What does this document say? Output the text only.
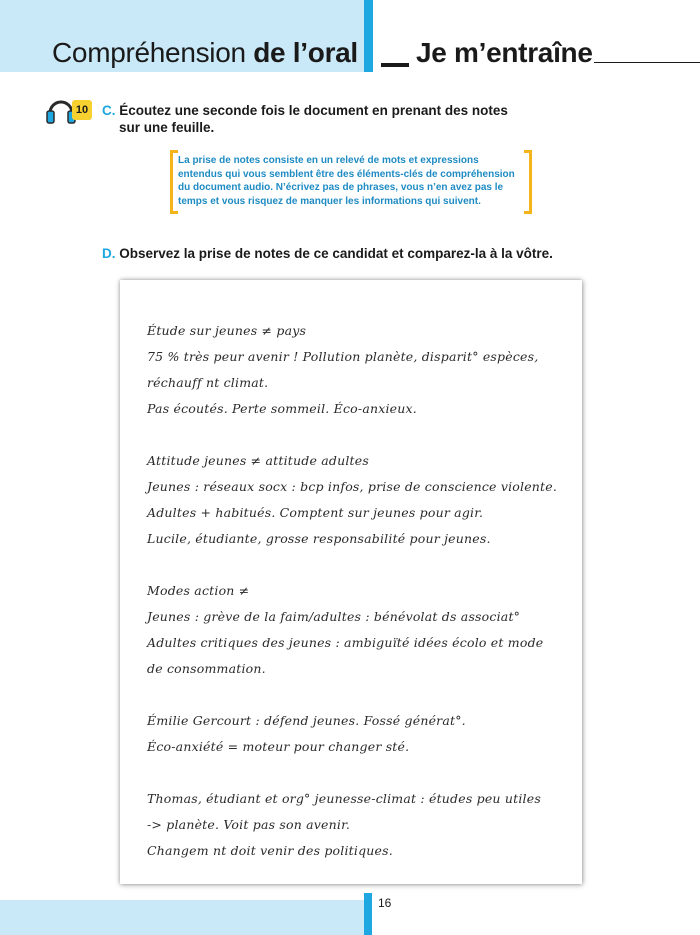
Compréhension de l’oral Je m’entraîne
10 C. Écoutez une seconde fois le document en prenant des notes
sur une feuille.
La prise de notes consiste en un relevé de mots et expressions entendus qui vous semblent être des éléments-clés de compréhension du document audio. N’écrivez pas de phrases, vous n’en avez pas le temps et vous risquez de manquer les informations qui suivent.
D. Observez la prise de notes de ce candidat et comparez-la à la vôtre.
Étude sur jeunes ≠ pays
75 % très peur avenir ! Pollution planète, disparit° espèces,
réchauff nt climat.
Pas écoutés. Perte sommeil. Éco-anxieux.
Attitude jeunes ≠ attitude adultes
Jeunes : réseaux socx : bcp infos, prise de conscience violente.
Adultes + habitués. Comptent sur jeunes pour agir.
Lucile, étudiante, grosse responsabilité pour jeunes.
Modes action ≠
Jeunes : grève de la faim/adultes : bénévolat ds associat°
Adultes critiques des jeunes : ambiguïté idées écolo et mode
de consommation.
Émilie Gercourt : défend jeunes. Fossé générat°.
Éco-anxiété = moteur pour changer sté.
Thomas, étudiant et org° jeunesse-climat : études peu utiles
-> planète. Voit pas son avenir.
Changem nt doit venir des politiques.
16
